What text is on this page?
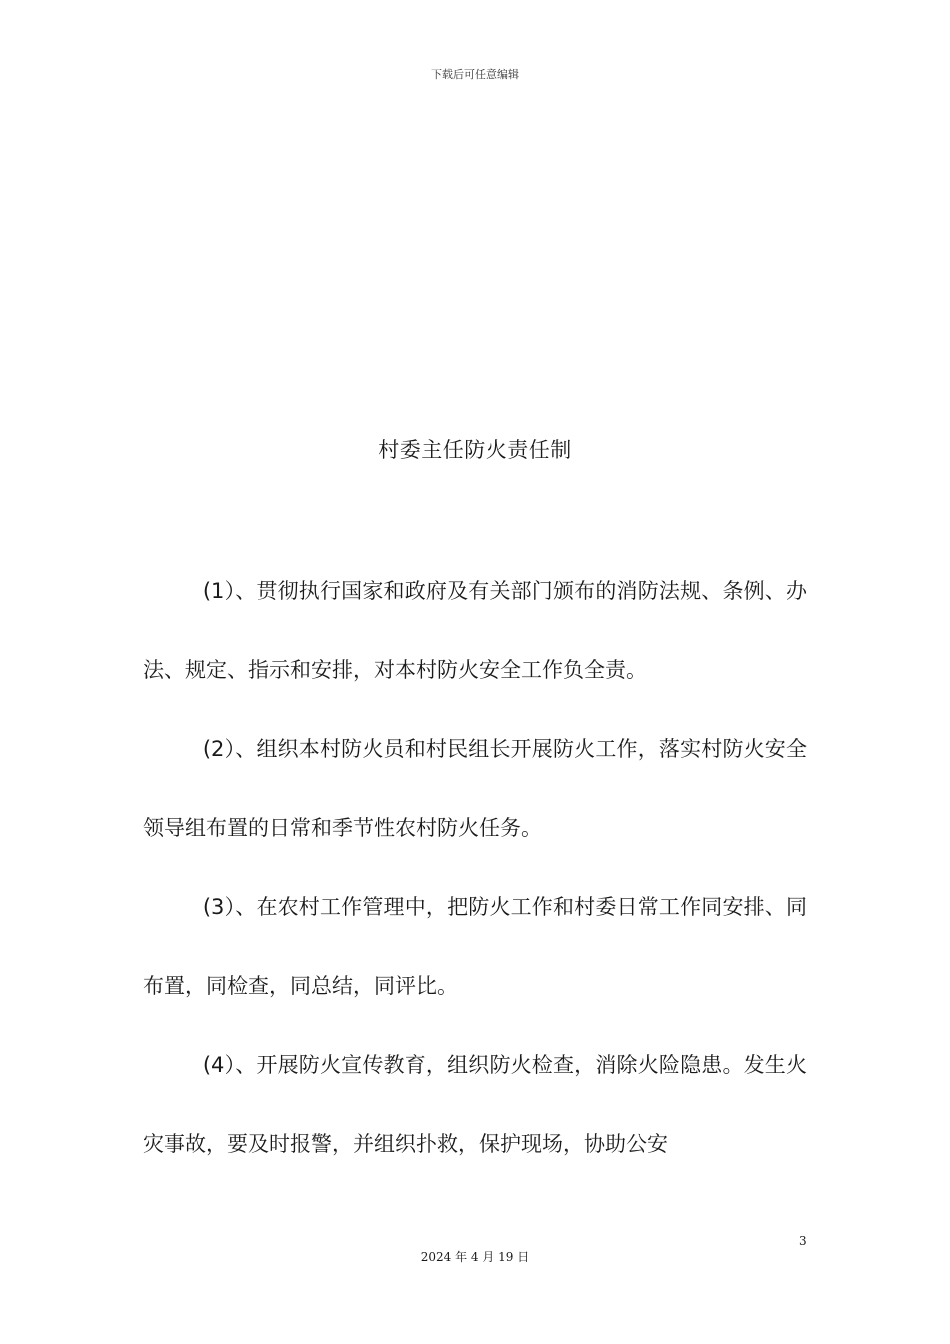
下载后可任意编辑
村委主任防火责任制

(1）、贯彻执行国家和政府及有关部门颁布的消防法规、条例、办法、规定、指示和安排，对本村防火安全工作负全责。

(2）、组织本村防火员和村民组长开展防火工作，落实村防火安全领导组布置的日常和季节性农村防火任务。

(3）、在农村工作管理中，把防火工作和村委日常工作同安排、同布置，同检查，同总结，同评比。

(4）、开展防火宣传教育，组织防火检查，消除火险隐患。发生火灾事故，要及时报警，并组织扑救，保护现场，协助公安

3
2024 年 4 月 19 日
